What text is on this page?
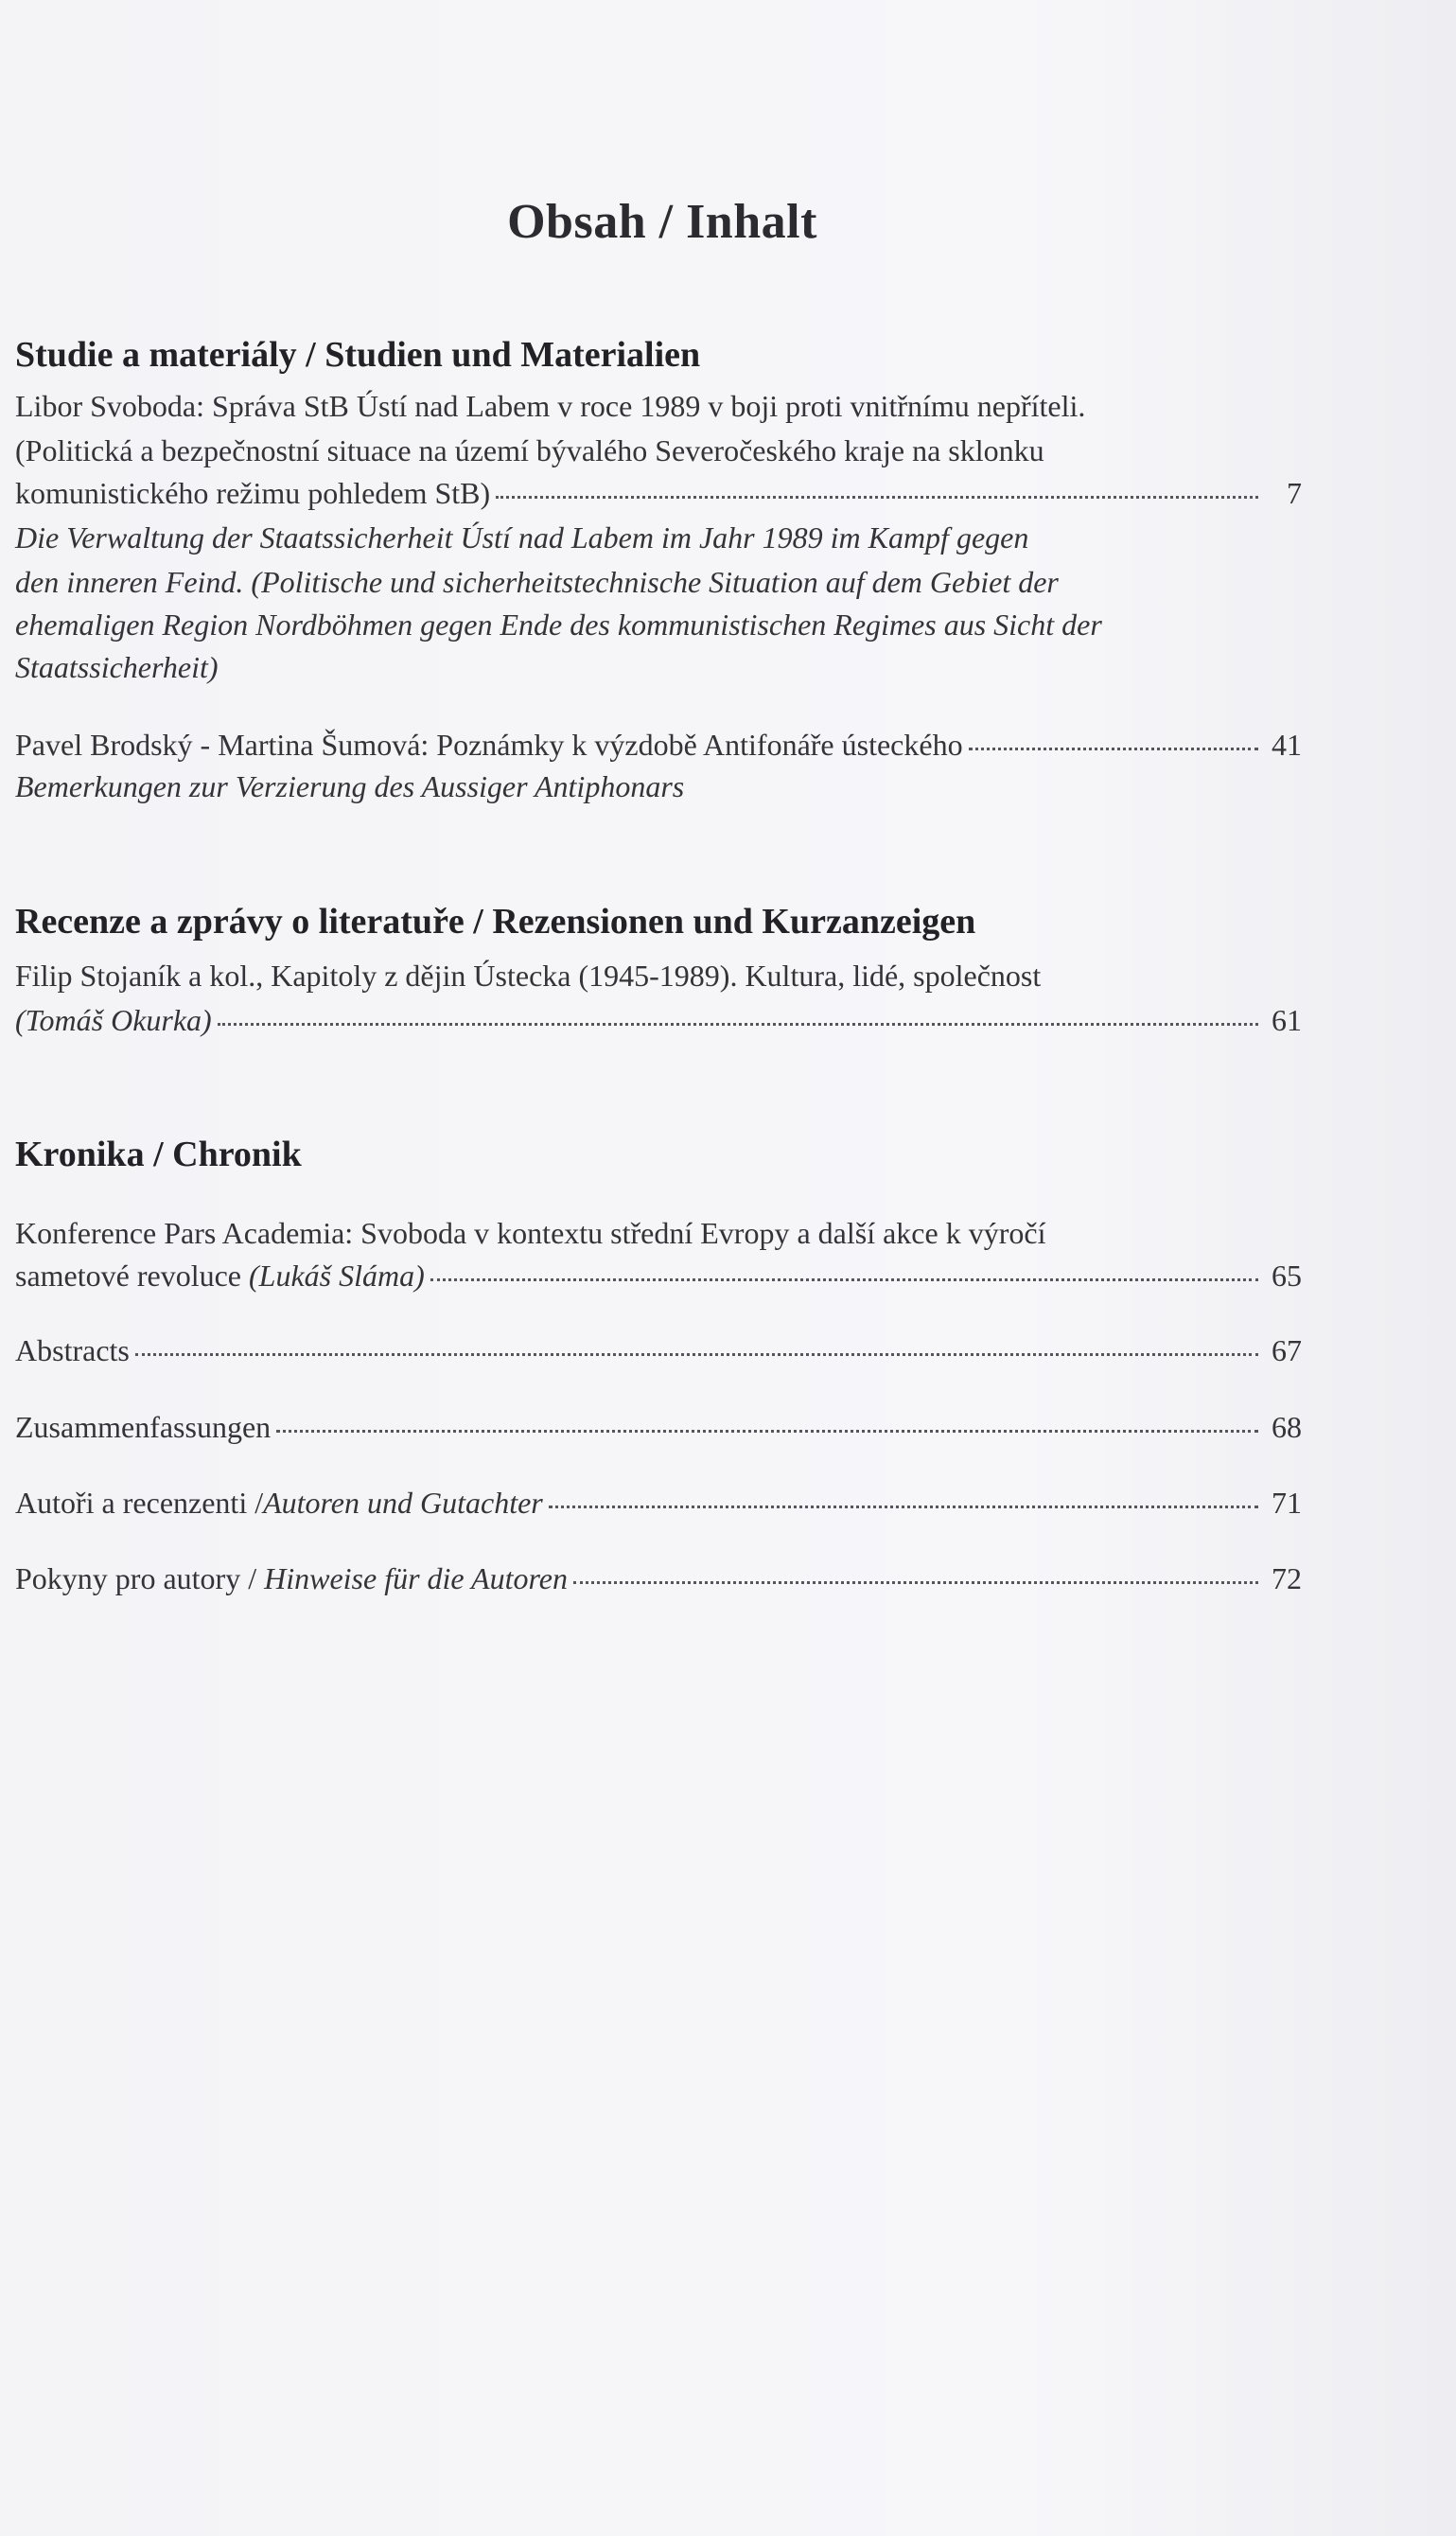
Obsah / Inhalt
Studie a materiály / Studien und Materialien
Libor Svoboda: Správa StB Ústí nad Labem v roce 1989 v boji proti vnitřnímu nepříteli.
(Politická a bezpečnostní situace na území bývalého Severočeského kraje na sklonku
komunistického režimu pohledem StB)	7
Die Verwaltung der Staatssicherheit Ústí nad Labem im Jahr 1989 im Kampf gegen
den inneren Feind. (Politische und sicherheitstechnische Situation auf dem Gebiet der
ehemaligen Region Nordböhmen gegen Ende des kommunistischen Regimes aus Sicht der
Staatssicherheit)
Pavel Brodský - Martina Šumová: Poznámky k výzdobě Antifonáře ústeckého	41
Bemerkungen zur Verzierung des Aussiger Antiphonars
Recenze a zprávy o literatuře / Rezensionen und Kurzanzeigen
Filip Stojaník a kol., Kapitoly z dějin Ústecka (1945-1989). Kultura, lidé, společnost
(Tomáš Okurka)	61
Kronika / Chronik
Konference Pars Academia: Svoboda v kontextu střední Evropy a další akce k výročí
sametové revoluce (Lukáš Sláma)	65
Abstracts	67
Zusammenfassungen	68
Autoři a recenzenti /Autoren und Gutachter	71
Pokyny pro autory / Hinweise für die Autoren	72
